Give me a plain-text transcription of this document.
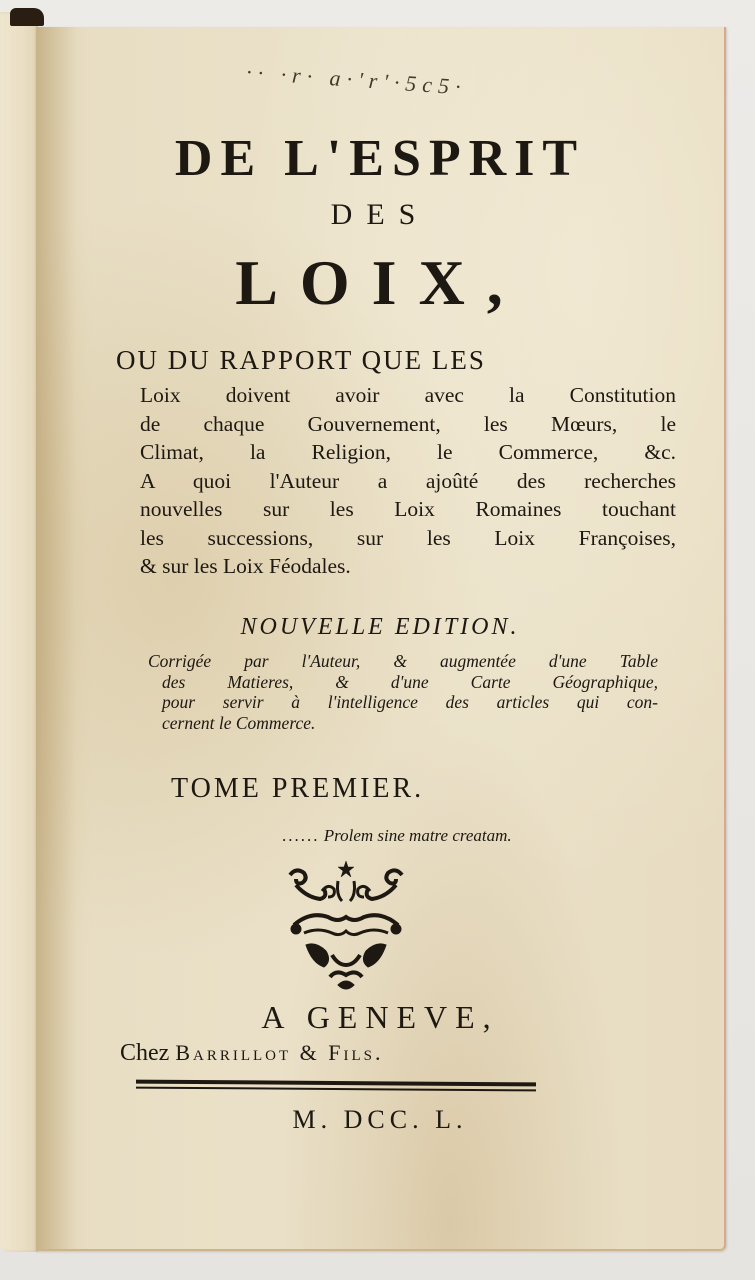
·· ·r· a·'r'·5c5·
DE L'ESPRIT
DES
LOIX,
OU DU RAPPORT QUE LES
Loix doivent avoir avec la Constitution
de chaque Gouvernement, les Mœurs, le
Climat, la Religion, le Commerce, &c.
A quoi l'Auteur a ajoûté des recherches
nouvelles sur les Loix Romaines touchant
les successions, sur les Loix Françoises,
& sur les Loix Féodales.
NOUVELLE EDITION.
Corrigée par l'Auteur, & augmentée d'une Table
des Matieres, & d'une Carte Géographique,
pour servir à l'intelligence des articles qui con-
cernent le Commerce.
TOME PREMIER.
...... Prolem sine matre creatam.
A GENEVE,
Chez Barrillot & Fils.
M. DCC. L.
